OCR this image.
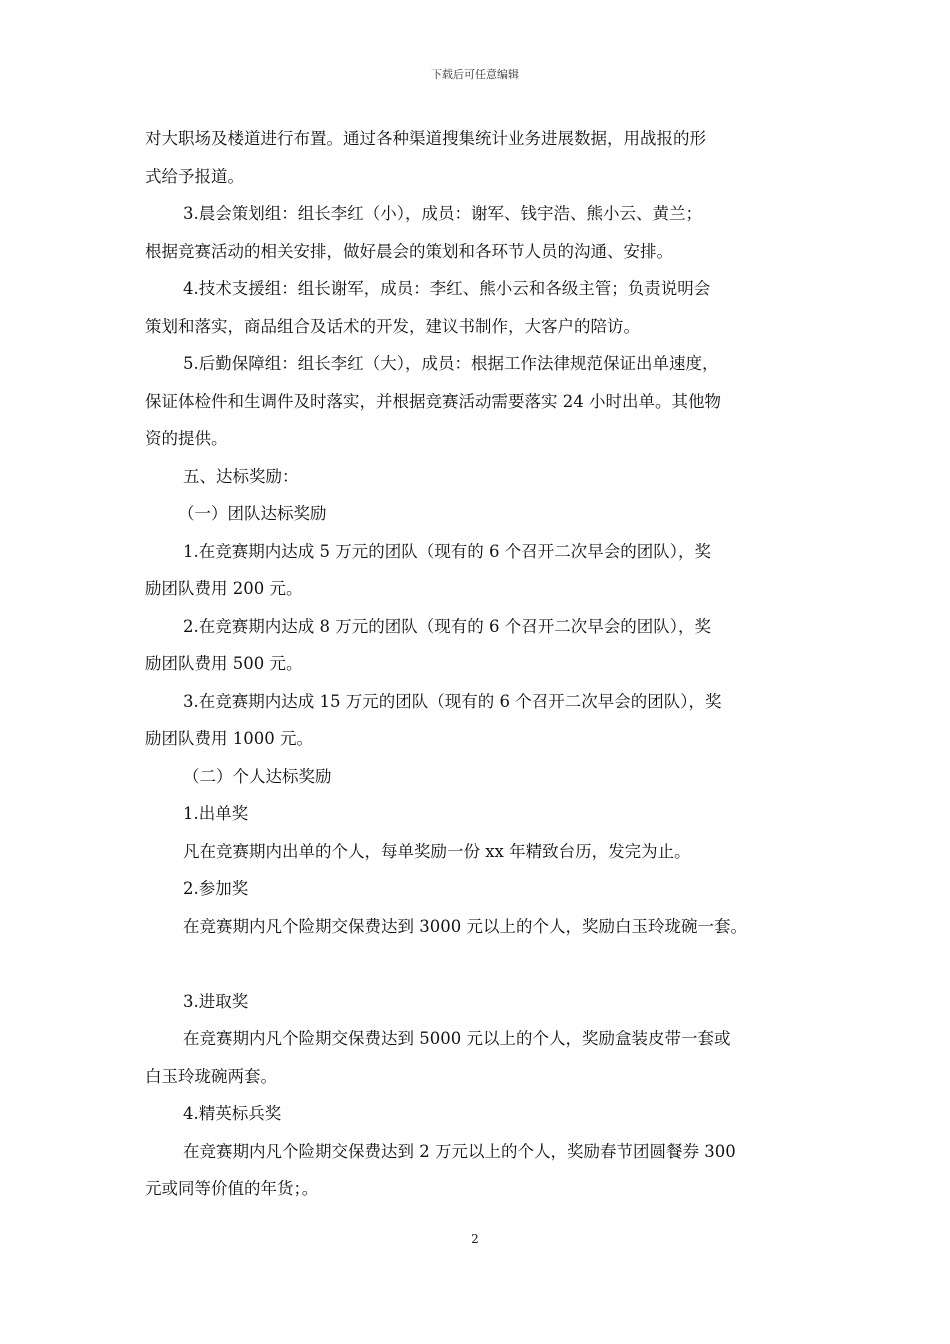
下载后可任意编辑
对大职场及楼道进行布置。通过各种渠道搜集统计业务进展数据，用战报的形
式给予报道。
3.晨会策划组：组长李红（小），成员：谢军、钱宇浩、熊小云、黄兰；
根据竞赛活动的相关安排，做好晨会的策划和各环节人员的沟通、安排。
4.技术支援组：组长谢军，成员：李红、熊小云和各级主管；负责说明会
策划和落实，商品组合及话术的开发，建议书制作，大客户的陪访。
5.后勤保障组：组长李红（大），成员：根据工作法律规范保证出单速度，
保证体检件和生调件及时落实，并根据竞赛活动需要落实 24 小时出单。其他物
资的提供。
五、达标奖励：
（一）团队达标奖励
1.在竞赛期内达成 5 万元的团队（现有的 6 个召开二次早会的团队），奖
励团队费用 200 元。
2.在竞赛期内达成 8 万元的团队（现有的 6 个召开二次早会的团队），奖
励团队费用 500 元。
3.在竞赛期内达成 15 万元的团队（现有的 6 个召开二次早会的团队），奖
励团队费用 1000 元。
（二）个人达标奖励
1.出单奖
凡在竞赛期内出单的个人，每单奖励一份 xx 年精致台历，发完为止。
2.参加奖
在竞赛期内凡个险期交保费达到 3000 元以上的个人，奖励白玉玲珑碗一套。
3.进取奖
在竞赛期内凡个险期交保费达到 5000 元以上的个人，奖励盒装皮带一套或
白玉玲珑碗两套。
4.精英标兵奖
在竞赛期内凡个险期交保费达到 2 万元以上的个人，奖励春节团圆餐券 300
元或同等价值的年货；。
2
